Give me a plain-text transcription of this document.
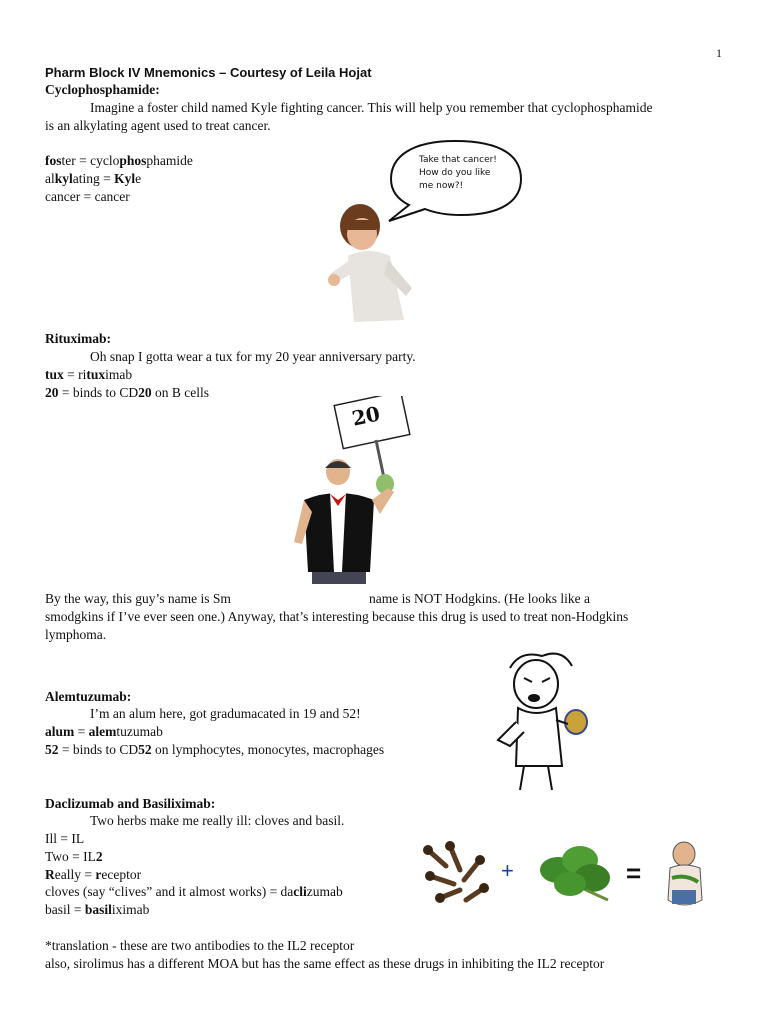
1
Pharm Block IV Mnemonics – Courtesy of Leila Hojat
Cyclophosphamide:
Imagine a foster child named Kyle fighting cancer. This will help you remember that cyclophosphamide
is an alkylating agent used to treat cancer.
foster = cyclophosphamide
alkylating = Kyle
cancer = cancer
Take that cancer!
How do you like
me now?!
Rituximab:
Oh snap I gotta wear a tux for my 20 year anniversary party.
tux = rituximab
20 = binds to CD20 on B cells
By the way, this guy’s name is Sm	name is NOT Hodgkins. (He looks like a
smodgkins if I’ve ever seen one.) Anyway, that’s interesting because this drug is used to treat non-Hodgkins
lymphoma.
Alemtuzumab:
I’m an alum here, got gradumacated in 19 and 52!
alum = alemtuzumab
52 = binds to CD52 on lymphocytes, monocytes, macrophages
Daclizumab and Basiliximab:
Two herbs make me really ill: cloves and basil.
Ill = IL
Two = IL2
Really = receptor
cloves (say “clives” and it almost works) = daclizumab
basil = basiliximab
+	=
*translation - these are two antibodies to the IL2 receptor
also, sirolimus has a different MOA but has the same effect as these drugs in inhibiting the IL2 receptor
20
